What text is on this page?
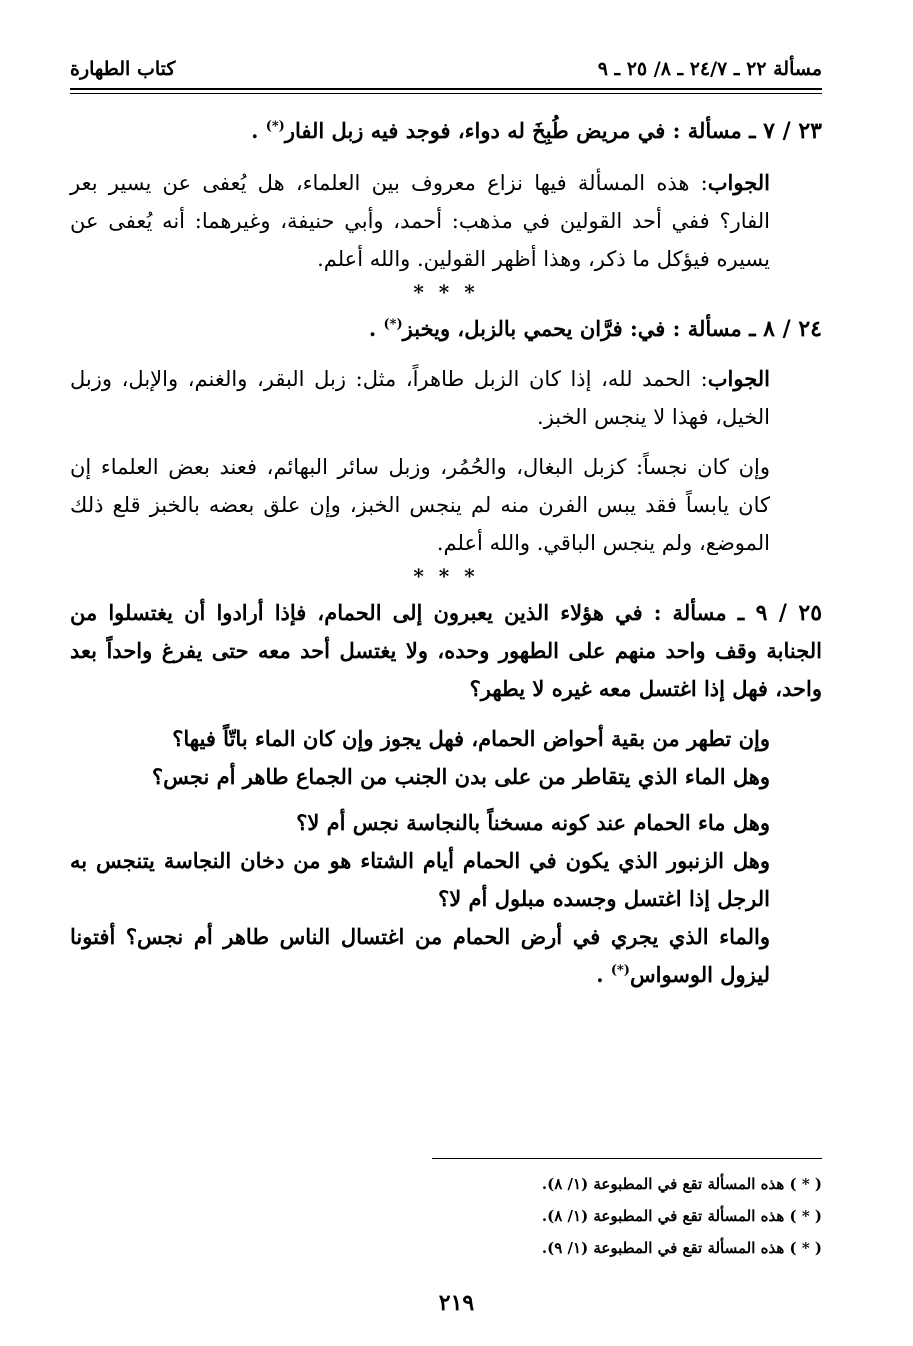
مسألة ٢٢ ـ ٢٤/٧ ـ ٨/ ٢٥ ـ ٩
كتاب الطهارة

٢٣ / ٧ ـ مسألة : في مريض طُبِخَ له دواء، فوجد فيه زبل الفار(*) .

الجواب: هذه المسألة فيها نزاع معروف بين العلماء، هل يُعفى عن يسير بعر الفار؟ ففي أحد القولين في مذهب: أحمد، وأبي حنيفة، وغيرهما: أنه يُعفى عن يسيره فيؤكل ما ذكر، وهذا أظهر القولين. والله أعلم.

* * *

٢٤ / ٨ ـ مسألة : في: فرَّان يحمي بالزبل، ويخبز(*) .

الجواب: الحمد لله، إذا كان الزبل طاهراً، مثل: زبل البقر، والغنم، والإبل، وزبل الخيل، فهذا لا ينجس الخبز.

وإن كان نجساً: كزبل البغال، والحُمُر، وزبل سائر البهائم، فعند بعض العلماء إن كان يابساً فقد يبس الفرن منه لم ينجس الخبز، وإن علق بعضه بالخبز قلع ذلك الموضع، ولم ينجس الباقي. والله أعلم.

* * *

٢٥ / ٩ ـ مسألة : في هؤلاء الذين يعبرون إلى الحمام، فإذا أرادوا أن يغتسلوا من الجنابة وقف واحد منهم على الطهور وحده، ولا يغتسل أحد معه حتى يفرغ واحداً بعد واحد، فهل إذا اغتسل معه غيره لا يطهر؟

وإن تطهر من بقية أحواض الحمام، فهل يجوز وإن كان الماء باتّاً فيها؟

وهل الماء الذي يتقاطر من على بدن الجنب من الجماع طاهر أم نجس؟

وهل ماء الحمام عند كونه مسخناً بالنجاسة نجس أم لا؟

وهل الزنبور الذي يكون في الحمام أيام الشتاء هو من دخان النجاسة يتنجس به الرجل إذا اغتسل وجسده مبلول أم لا؟

والماء الذي يجري في أرض الحمام من اغتسال الناس طاهر أم نجس؟ أفتونا ليزول الوسواس(*) .

( * ) هذه المسألة تقع في المطبوعة (١/ ٨).
( * ) هذه المسألة تقع في المطبوعة (١/ ٨).
( * ) هذه المسألة تقع في المطبوعة (١/ ٩).
٢١٩
